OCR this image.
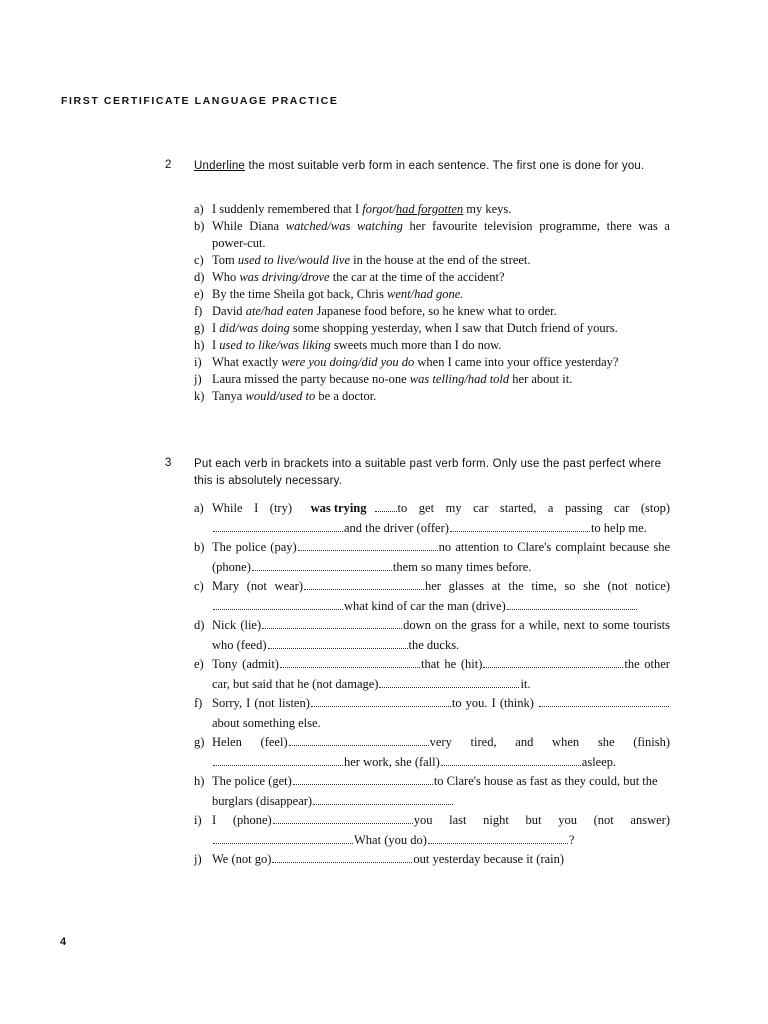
FIRST CERTIFICATE LANGUAGE PRACTICE
2 Underline the most suitable verb form in each sentence. The first one is done for you.
a) I suddenly remembered that I forgot/had forgotten my keys.
b) While Diana watched/was watching her favourite television programme, there was a power-cut.
c) Tom used to live/would live in the house at the end of the street.
d) Who was driving/drove the car at the time of the accident?
e) By the time Sheila got back, Chris went/had gone.
f) David ate/had eaten Japanese food before, so he knew what to order.
g) I did/was doing some shopping yesterday, when I saw that Dutch friend of yours.
h) I used to like/was liking sweets much more than I do now.
i) What exactly were you doing/did you do when I came into your office yesterday?
j) Laura missed the party because no-one was telling/had told her about it.
k) Tanya would/used to be a doctor.
3 Put each verb in brackets into a suitable past verb form. Only use the past perfect where this is absolutely necessary.
a) While I (try) was trying to get my car started, a passing car (stop) and the driver (offer)	to help me.
b) The police (pay)	no attention to Clare's complaint because she (phone)	them so many times before.
c) Mary (not wear)	her glasses at the time, so she (not notice) what kind of car the man (drive)
d) Nick (lie)	down on the grass for a while, next to some tourists who (feed)	the ducks.
e) Tony (admit)	that he (hit)	the other car, but said that he (not damage)	it.
f) Sorry, I (not listen)	to you. I (think) about something else.
g) Helen (feel)	very tired, and when she (finish) her work, she (fall)	asleep.
h) The police (get)	to Clare's house as fast as they could, but the burglars (disappear)
i) I (phone)	you last night but you (not answer) What (you do)	?
j) We (not go)	out yesterday because it (rain)
4
